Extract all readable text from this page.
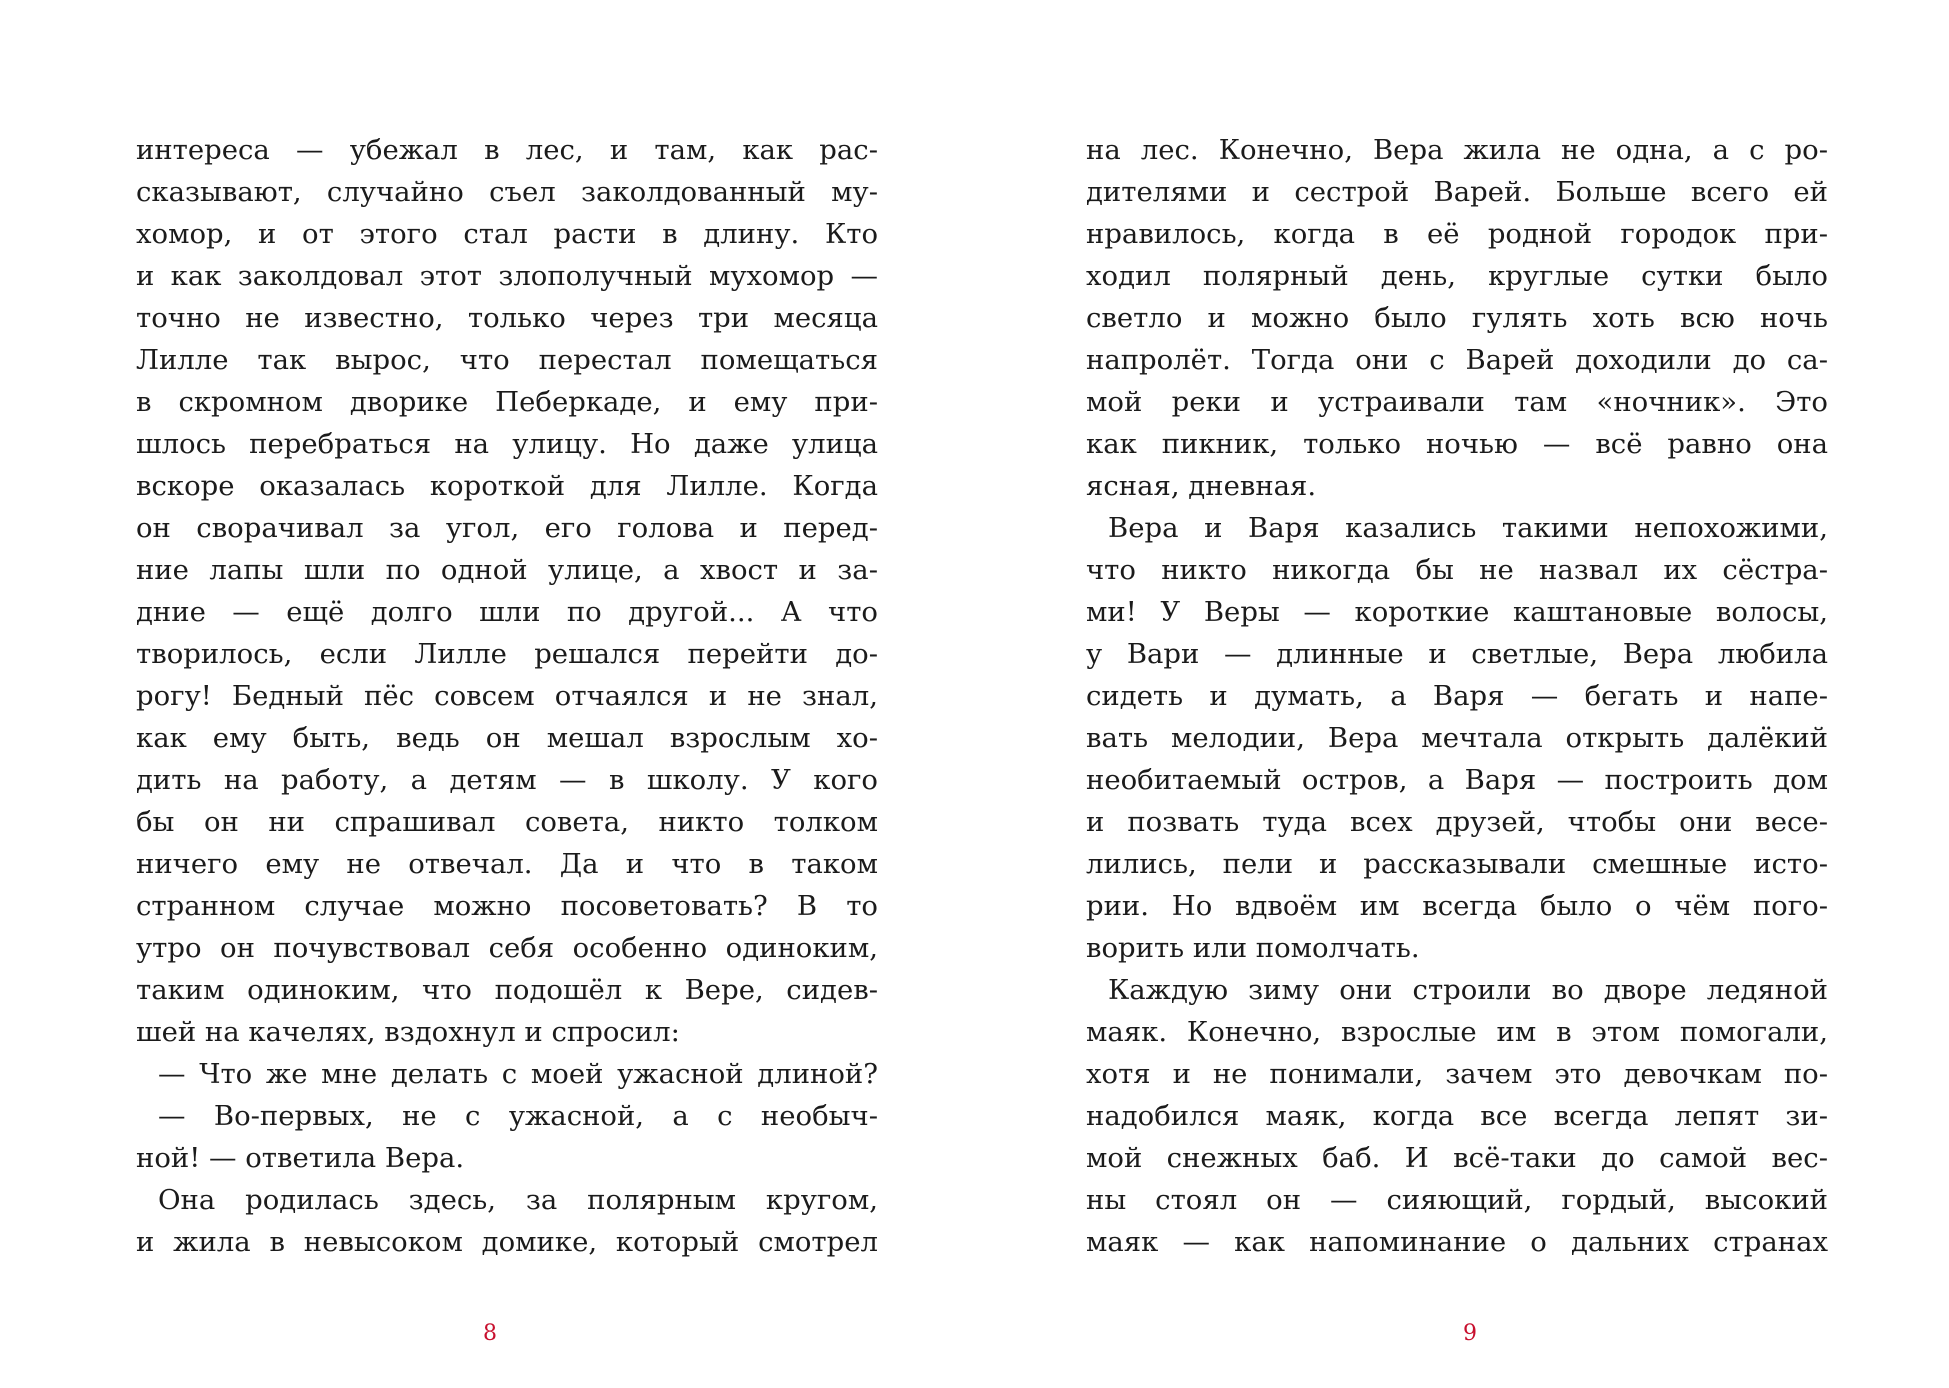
интереса — убежал в лес, и там, как рас-
сказывают, случайно съел заколдованный му-
хомор, и от этого стал расти в длину. Кто
и как заколдовал этот злополучный мухомор —
точно не известно, только через три месяца
Лилле так вырос, что перестал помещаться
в скромном дворике Пеберкаде, и ему при-
шлось перебраться на улицу. Но даже улица
вскоре оказалась короткой для Лилле. Когда
он сворачивал за угол, его голова и перед-
ние лапы шли по одной улице, а хвост и за-
дние — ещё долго шли по другой... А что
творилось, если Лилле решался перейти до-
рогу! Бедный пёс совсем отчаялся и не знал,
как ему быть, ведь он мешал взрослым хо-
дить на работу, а детям — в школу. У кого
бы он ни спрашивал совета, никто толком
ничего ему не отвечал. Да и что в таком
странном случае можно посоветовать? В то
утро он почувствовал себя особенно одиноким,
таким одиноким, что подошёл к Вере, сидев-
шей на качелях, вздохнул и спросил:
— Что же мне делать с моей ужасной длиной?
— Во-первых, не с ужасной, а с необыч-
ной! — ответила Вера.
Она родилась здесь, за полярным кругом,
и жила в невысоком домике, который смотрел
на лес. Конечно, Вера жила не одна, а с ро-
дителями и сестрой Варей. Больше всего ей
нравилось, когда в её родной городок при-
ходил полярный день, круглые сутки было
светло и можно было гулять хоть всю ночь
напролёт. Тогда они с Варей доходили до са-
мой реки и устраивали там «ночник». Это
как пикник, только ночью — всё равно она
ясная, дневная.
Вера и Варя казались такими непохожими,
что никто никогда бы не назвал их сёстра-
ми! У Веры — короткие каштановые волосы,
у Вари — длинные и светлые, Вера любила
сидеть и думать, а Варя — бегать и напе-
вать мелодии, Вера мечтала открыть далёкий
необитаемый остров, а Варя — построить дом
и позвать туда всех друзей, чтобы они весе-
лились, пели и рассказывали смешные исто-
рии. Но вдвоём им всегда было о чём пого-
ворить или помолчать.
Каждую зиму они строили во дворе ледяной
маяк. Конечно, взрослые им в этом помогали,
хотя и не понимали, зачем это девочкам по-
надобился маяк, когда все всегда лепят зи-
мой снежных баб. И всё-таки до самой вес-
ны стоял он — сияющий, гордый, высокий
маяк — как напоминание о дальних странах
8	9
